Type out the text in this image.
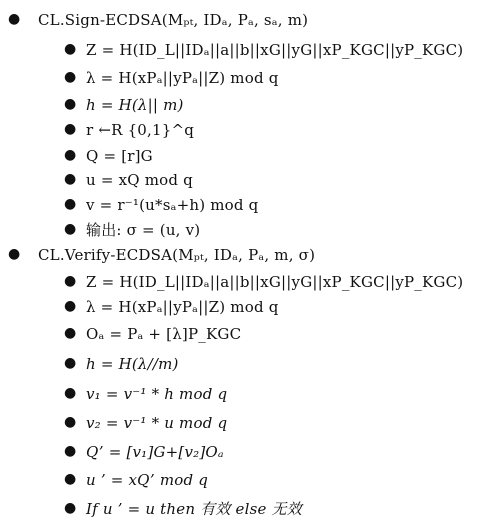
● CL.Sign-ECDSA(Mₚₜ, IDₐ, Pₐ, sₐ, m)
● Z = H(ID_L||IDₐ||a||b||xG||yG||xP_KGC||yP_KGC)
● λ = H(xPₐ||yPₐ||Z) mod q
● h = H(λ|| m)
● r ←R {0,1}^q
● Q = [r]G
● u = xQ mod q
● v = r⁻¹(u*sₐ+h) mod q
● 输出: σ = (u, v)
● CL.Verify-ECDSA(Mₚₜ, IDₐ, Pₐ, m, σ)
● Z = H(ID_L||IDₐ||a||b||xG||yG||xP_KGC||yP_KGC)
● λ = H(xPₐ||yPₐ||Z) mod q
● Oₐ = Pₐ + [λ]P_KGC
● h = H(λ//m)
● v₁ = v⁻¹ * h mod q
● v₂ = v⁻¹ * u mod q
● Q’ = [v₁]G+[v₂]Oₐ
● u ’ = xQ’ mod q
● If u ’ = u then 有效 else 无效
